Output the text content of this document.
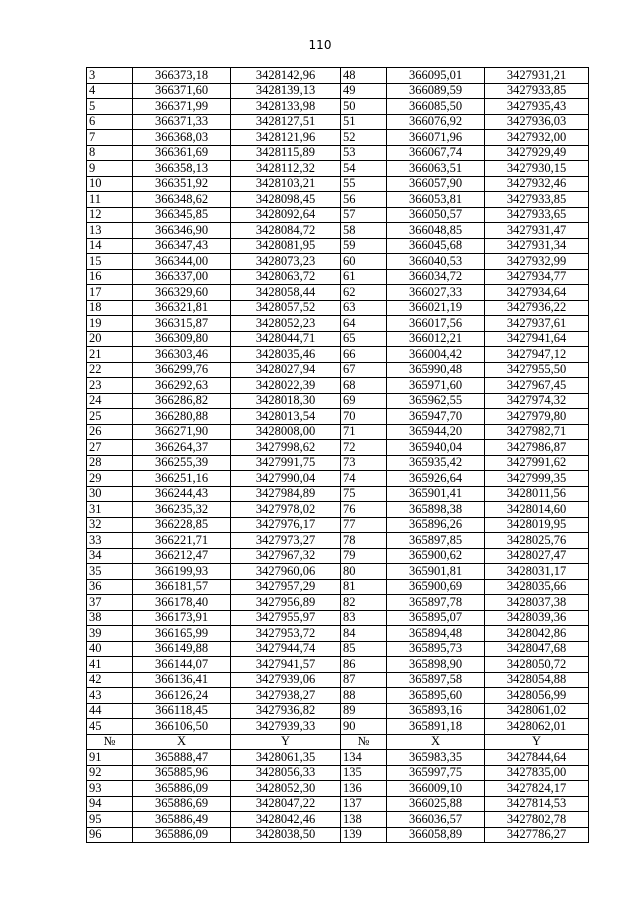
110
3	366373,18	3428142,96	48	366095,01	3427931,21
4	366371,60	3428139,13	49	366089,59	3427933,85
5	366371,99	3428133,98	50	366085,50	3427935,43
6	366371,33	3428127,51	51	366076,92	3427936,03
7	366368,03	3428121,96	52	366071,96	3427932,00
8	366361,69	3428115,89	53	366067,74	3427929,49
9	366358,13	3428112,32	54	366063,51	3427930,15
10	366351,92	3428103,21	55	366057,90	3427932,46
11	366348,62	3428098,45	56	366053,81	3427933,85
12	366345,85	3428092,64	57	366050,57	3427933,65
13	366346,90	3428084,72	58	366048,85	3427931,47
14	366347,43	3428081,95	59	366045,68	3427931,34
15	366344,00	3428073,23	60	366040,53	3427932,99
16	366337,00	3428063,72	61	366034,72	3427934,77
17	366329,60	3428058,44	62	366027,33	3427934,64
18	366321,81	3428057,52	63	366021,19	3427936,22
19	366315,87	3428052,23	64	366017,56	3427937,61
20	366309,80	3428044,71	65	366012,21	3427941,64
21	366303,46	3428035,46	66	366004,42	3427947,12
22	366299,76	3428027,94	67	365990,48	3427955,50
23	366292,63	3428022,39	68	365971,60	3427967,45
24	366286,82	3428018,30	69	365962,55	3427974,32
25	366280,88	3428013,54	70	365947,70	3427979,80
26	366271,90	3428008,00	71	365944,20	3427982,71
27	366264,37	3427998,62	72	365940,04	3427986,87
28	366255,39	3427991,75	73	365935,42	3427991,62
29	366251,16	3427990,04	74	365926,64	3427999,35
30	366244,43	3427984,89	75	365901,41	3428011,56
31	366235,32	3427978,02	76	365898,38	3428014,60
32	366228,85	3427976,17	77	365896,26	3428019,95
33	366221,71	3427973,27	78	365897,85	3428025,76
34	366212,47	3427967,32	79	365900,62	3428027,47
35	366199,93	3427960,06	80	365901,81	3428031,17
36	366181,57	3427957,29	81	365900,69	3428035,66
37	366178,40	3427956,89	82	365897,78	3428037,38
38	366173,91	3427955,97	83	365895,07	3428039,36
39	366165,99	3427953,72	84	365894,48	3428042,86
40	366149,88	3427944,74	85	365895,73	3428047,68
41	366144,07	3427941,57	86	365898,90	3428050,72
42	366136,41	3427939,06	87	365897,58	3428054,88
43	366126,24	3427938,27	88	365895,60	3428056,99
44	366118,45	3427936,82	89	365893,16	3428061,02
45	366106,50	3427939,33	90	365891,18	3428062,01
№	X	Y	№	X	Y
91	365888,47	3428061,35	134	365983,35	3427844,64
92	365885,96	3428056,33	135	365997,75	3427835,00
93	365886,09	3428052,30	136	366009,10	3427824,17
94	365886,69	3428047,22	137	366025,88	3427814,53
95	365886,49	3428042,46	138	366036,57	3427802,78
96	365886,09	3428038,50	139	366058,89	3427786,27
